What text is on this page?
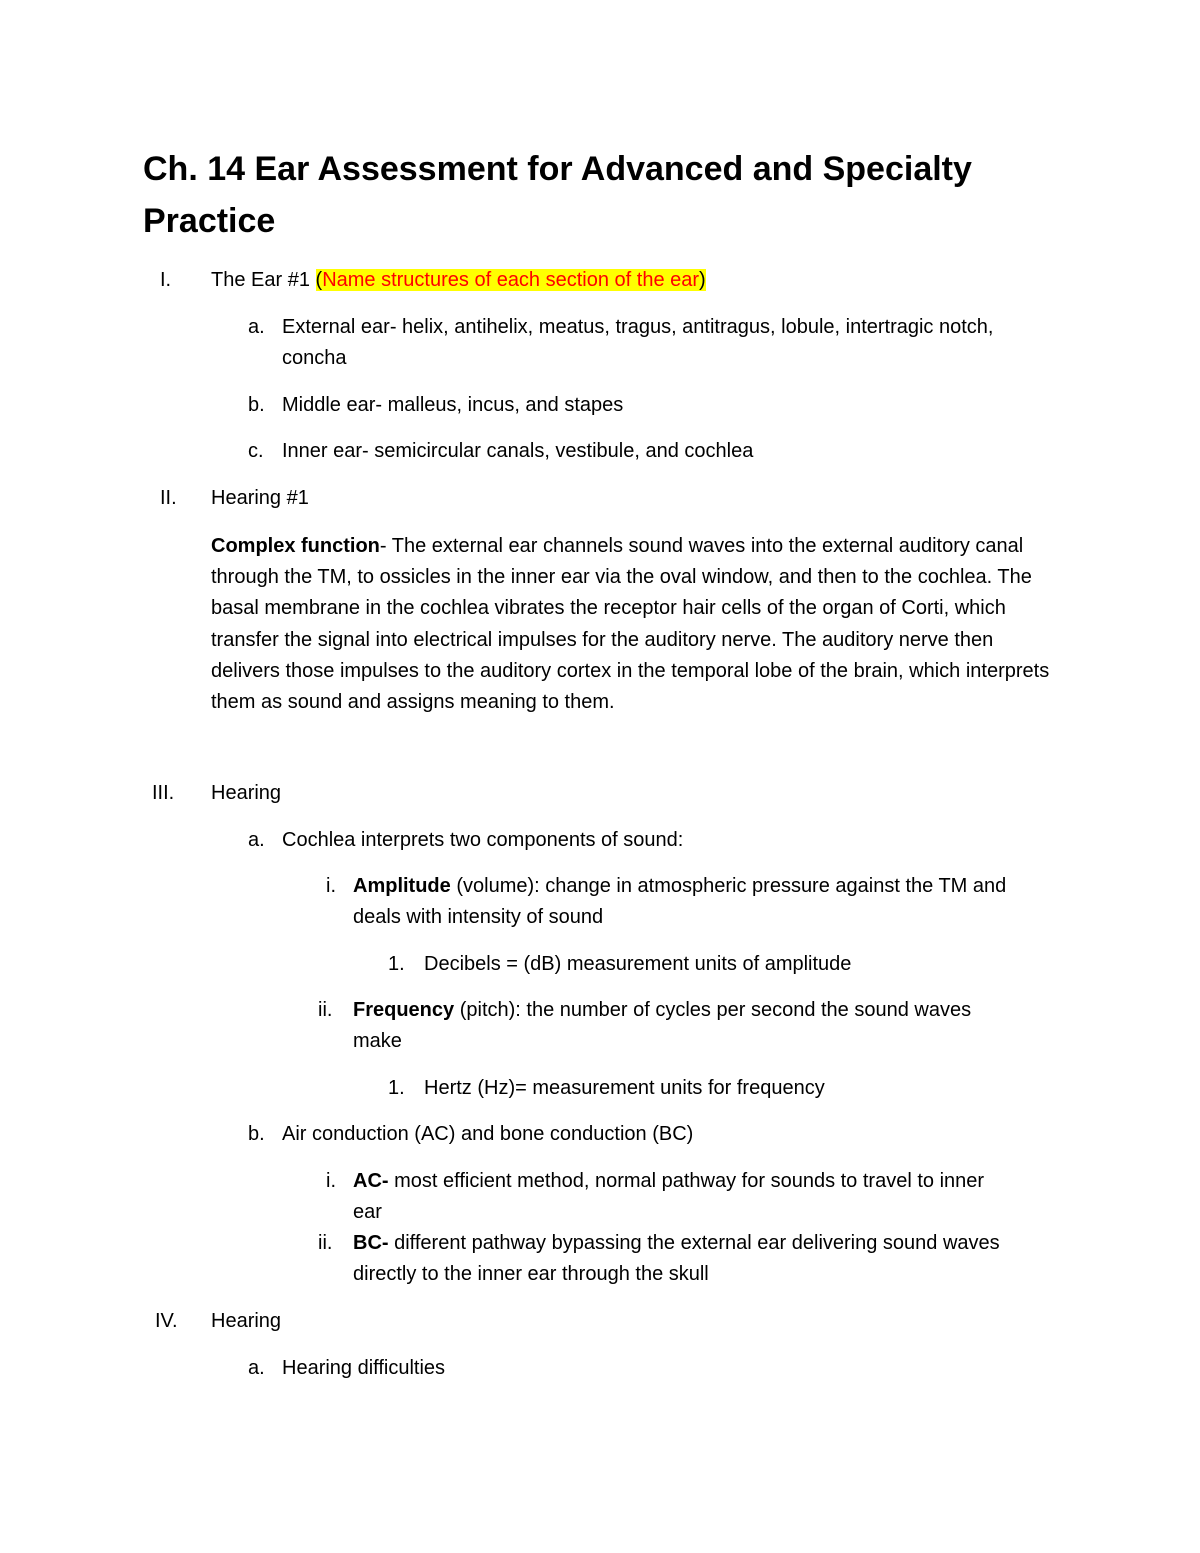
Ch. 14 Ear Assessment for Advanced and Specialty Practice
I. The Ear #1 (Name structures of each section of the ear)
a. External ear- helix, antihelix, meatus, tragus, antitragus, lobule, intertragic notch,
concha
b. Middle ear- malleus, incus, and stapes
c. Inner ear- semicircular canals, vestibule, and cochlea
II. Hearing #1
Complex function- The external ear channels sound waves into the external auditory canal through the TM, to ossicles in the inner ear via the oval window, and then to the cochlea. The basal membrane in the cochlea vibrates the receptor hair cells of the organ of Corti, which transfer the signal into electrical impulses for the auditory nerve. The auditory nerve then delivers those impulses to the auditory cortex in the temporal lobe of the brain, which interprets them as sound and assigns meaning to them.
III. Hearing
a. Cochlea interprets two components of sound:
i. Amplitude (volume): change in atmospheric pressure against the TM and
deals with intensity of sound
1. Decibels = (dB) measurement units of amplitude
ii. Frequency (pitch): the number of cycles per second the sound waves
make
1. Hertz (Hz)= measurement units for frequency
b. Air conduction (AC) and bone conduction (BC)
i. AC- most efficient method, normal pathway for sounds to travel to inner
ear
ii. BC- different pathway bypassing the external ear delivering sound waves
directly to the inner ear through the skull
IV. Hearing
a. Hearing difficulties
